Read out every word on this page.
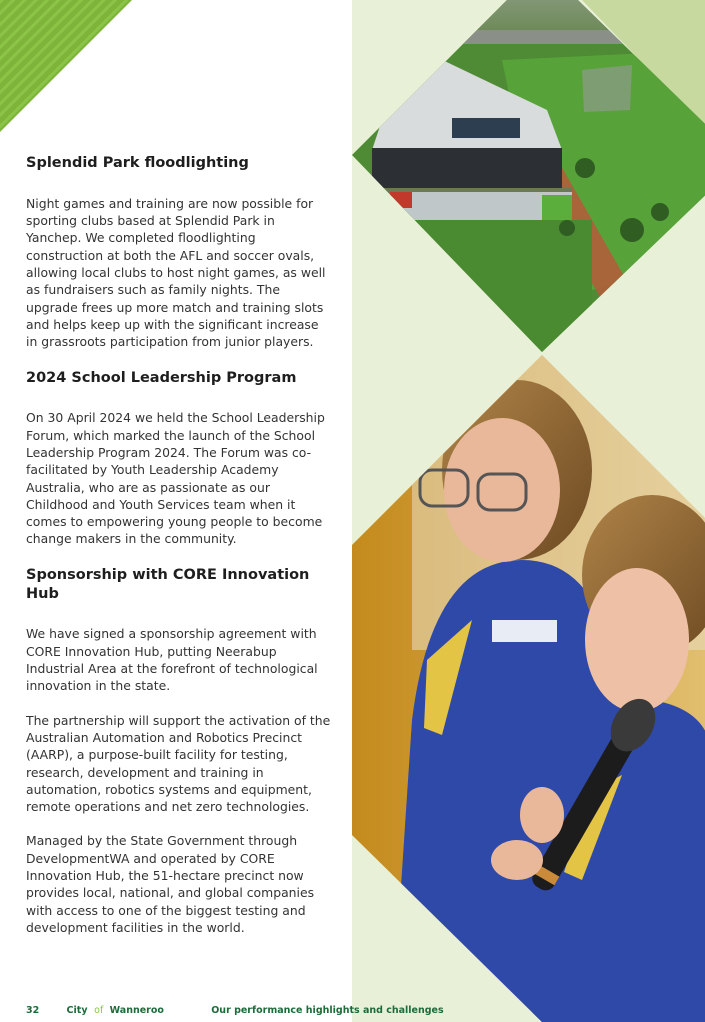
Splendid Park floodlighting

Night games and training are now possible for sporting clubs based at Splendid Park in Yanchep. We completed floodlighting construction at both the AFL and soccer ovals, allowing local clubs to host night games, as well as fundraisers such as family nights. The upgrade frees up more match and training slots and helps keep up with the significant increase in grassroots participation from junior players.

2024 School Leadership Program

On 30 April 2024 we held the School Leadership Forum, which marked the launch of the School Leadership Program 2024. The Forum was co-facilitated by Youth Leadership Academy Australia, who are as passionate as our Childhood and Youth Services team when it comes to empowering young people to become change makers in the community.

Sponsorship with CORE Innovation Hub

We have signed a sponsorship agreement with CORE Innovation Hub, putting Neerabup Industrial Area at the forefront of technological innovation in the state.

The partnership will support the activation of the Australian Automation and Robotics Precinct (AARP), a purpose-built facility for testing, research, development and training in automation, robotics systems and equipment, remote operations and net zero technologies.

Managed by the State Government through DevelopmentWA and operated by CORE Innovation Hub, the 51-hectare precinct now provides local, national, and global companies with access to one of the biggest testing and development facilities in the world.

32	City of Wanneroo	Our performance highlights and challenges
